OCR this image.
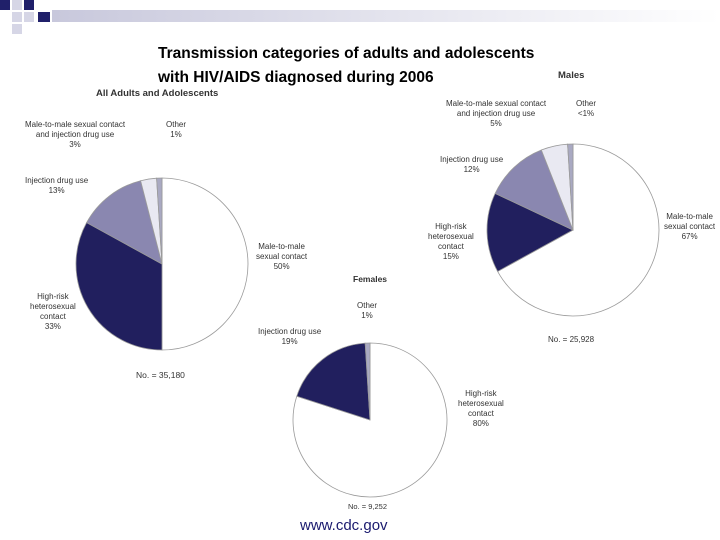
Transmission categories of adults and adolescents
with HIV/AIDS diagnosed during 2006
All Adults and Adolescents
Males
Females
Male-to-male sexual contact
and injection drug use
3%
Other
1%
Injection drug use
13%
Male-to-male
sexual contact
50%
High-risk
heterosexual
contact
33%
No. = 35,180
Male-to-male sexual contact
and injection drug use
5%
Other
<1%
Injection drug use
12%
High-risk
heterosexual
contact
15%
Male-to-male
sexual contact
67%
No. = 25,928
Other
1%
Injection drug use
19%
High-risk
heterosexual
contact
80%
No. = 9,252
www.cdc.gov
